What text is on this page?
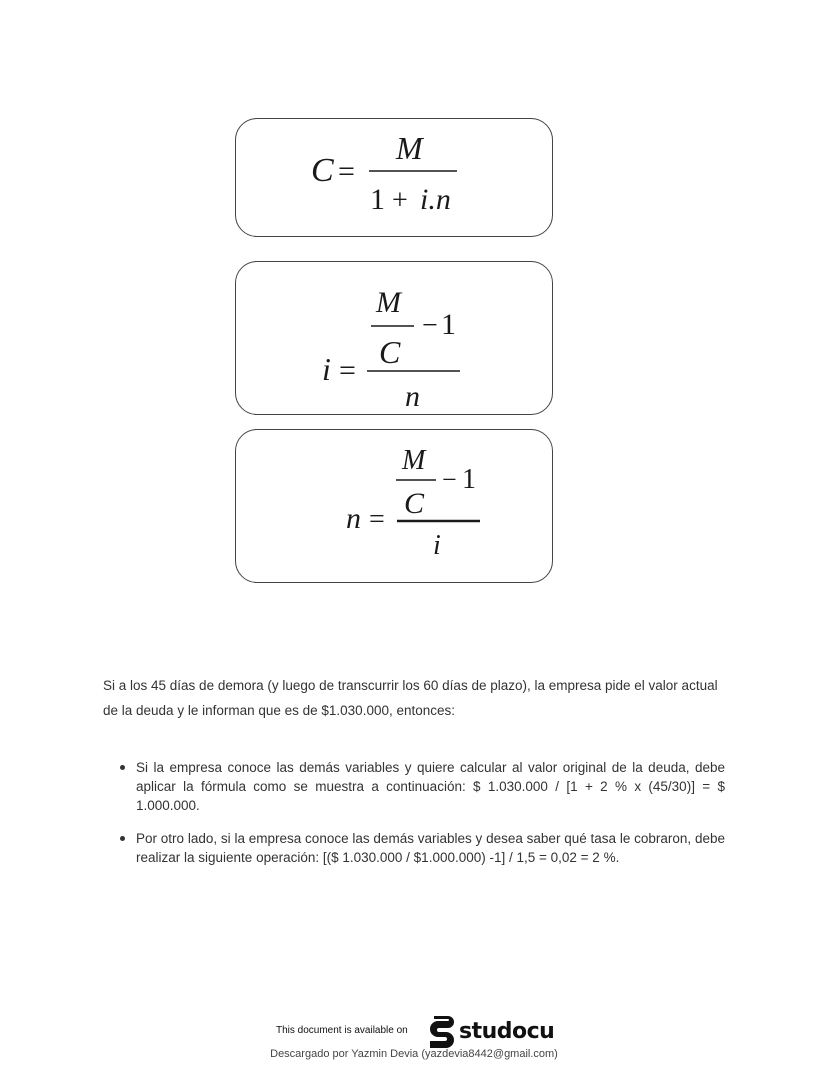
C =
M
1 + i.n
M
C
− 1
i =
n
M
C
− 1
n =
i

Si a los 45 días de demora (y luego de transcurrir los 60 días de plazo), la empresa pide el valor actual de la deuda y le informan que es de $1.030.000, entonces:

Si la empresa conoce las demás variables y quiere calcular al valor original de la deuda, debe aplicar la fórmula como se muestra a continuación: $ 1.030.000 / [1 + 2 % x (45/30)] = $ 1.000.000.
Por otro lado, si la empresa conoce las demás variables y desea saber qué tasa le cobraron, debe realizar la siguiente operación: [($ 1.030.000 / $1.000.000) -1] / 1,5 = 0,02 = 2 %.
This document is available on studocu
Descargado por Yazmin Devia (yazdevia8442@gmail.com)
